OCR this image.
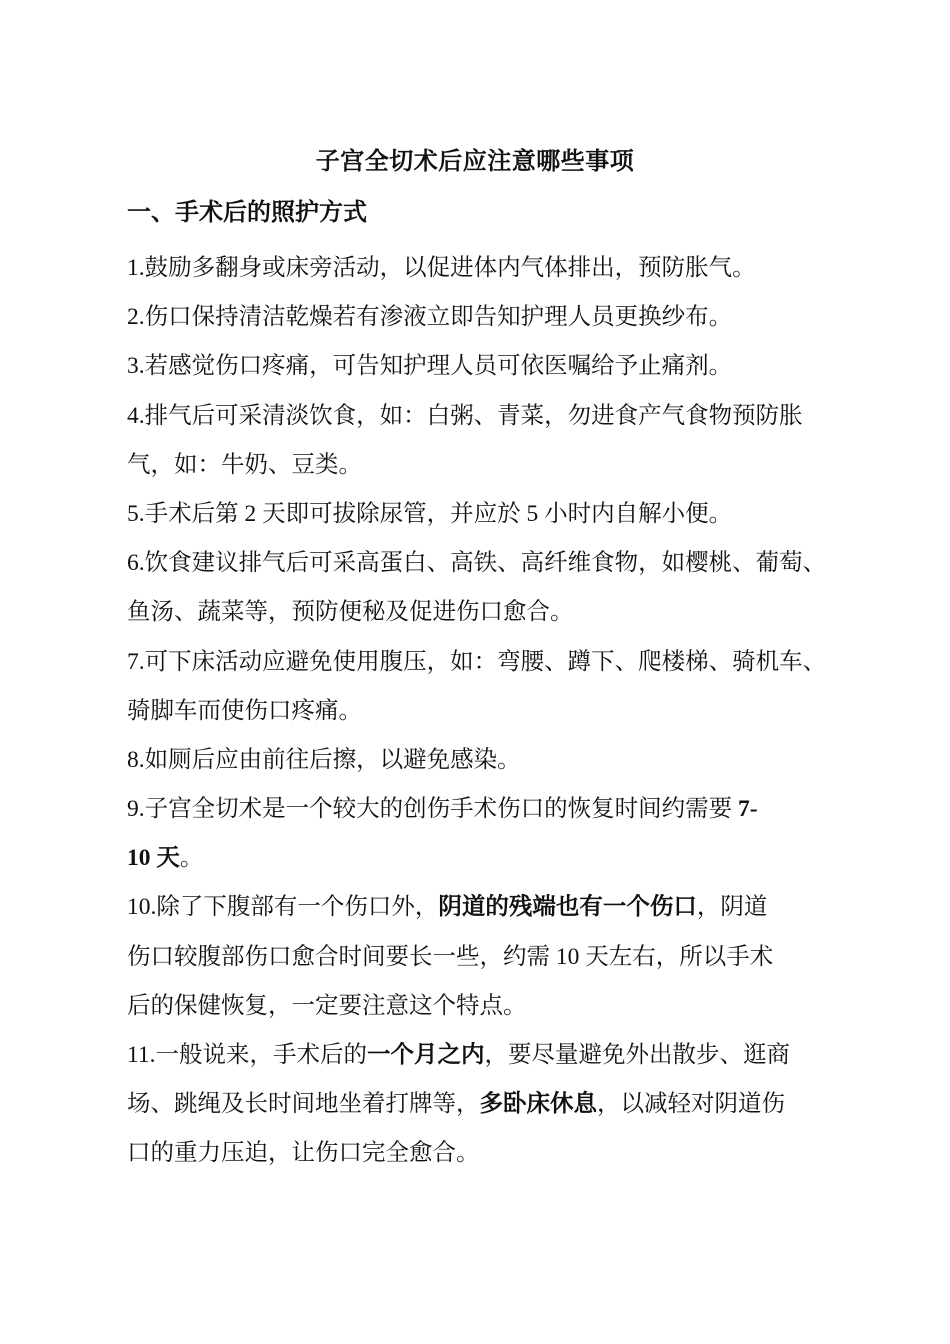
子宫全切术后应注意哪些事项
一、手术后的照护方式
1.鼓励多翻身或床旁活动，以促进体内气体排出，预防胀气。
2.伤口保持清洁乾燥若有渗液立即告知护理人员更换纱布。
3.若感觉伤口疼痛，可告知护理人员可依医嘱给予止痛剂。
4.排气后可采清淡饮食，如：白粥、青菜，勿进食产气食物预防胀
气，如：牛奶、豆类。
5.手术后第 2 天即可拔除尿管，并应於 5 小时内自解小便。
6.饮食建议排气后可采高蛋白、高铁、高纤维食物，如樱桃、葡萄、
鱼汤、蔬菜等，预防便秘及促进伤口愈合。
7.可下床活动应避免使用腹压，如：弯腰、蹲下、爬楼梯、骑机车、
骑脚车而使伤口疼痛。
8.如厕后应由前往后擦，以避免感染。
9.子宫全切术是一个较大的创伤手术伤口的恢复时间约需要 7-
10 天。
10.除了下腹部有一个伤口外，阴道的残端也有一个伤口，阴道
伤口较腹部伤口愈合时间要长一些，约需 10 天左右，所以手术
后的保健恢复，一定要注意这个特点。
11.一般说来，手术后的一个月之内，要尽量避免外出散步、逛商
场、跳绳及长时间地坐着打牌等，多卧床休息，以减轻对阴道伤
口的重力压迫，让伤口完全愈合。
